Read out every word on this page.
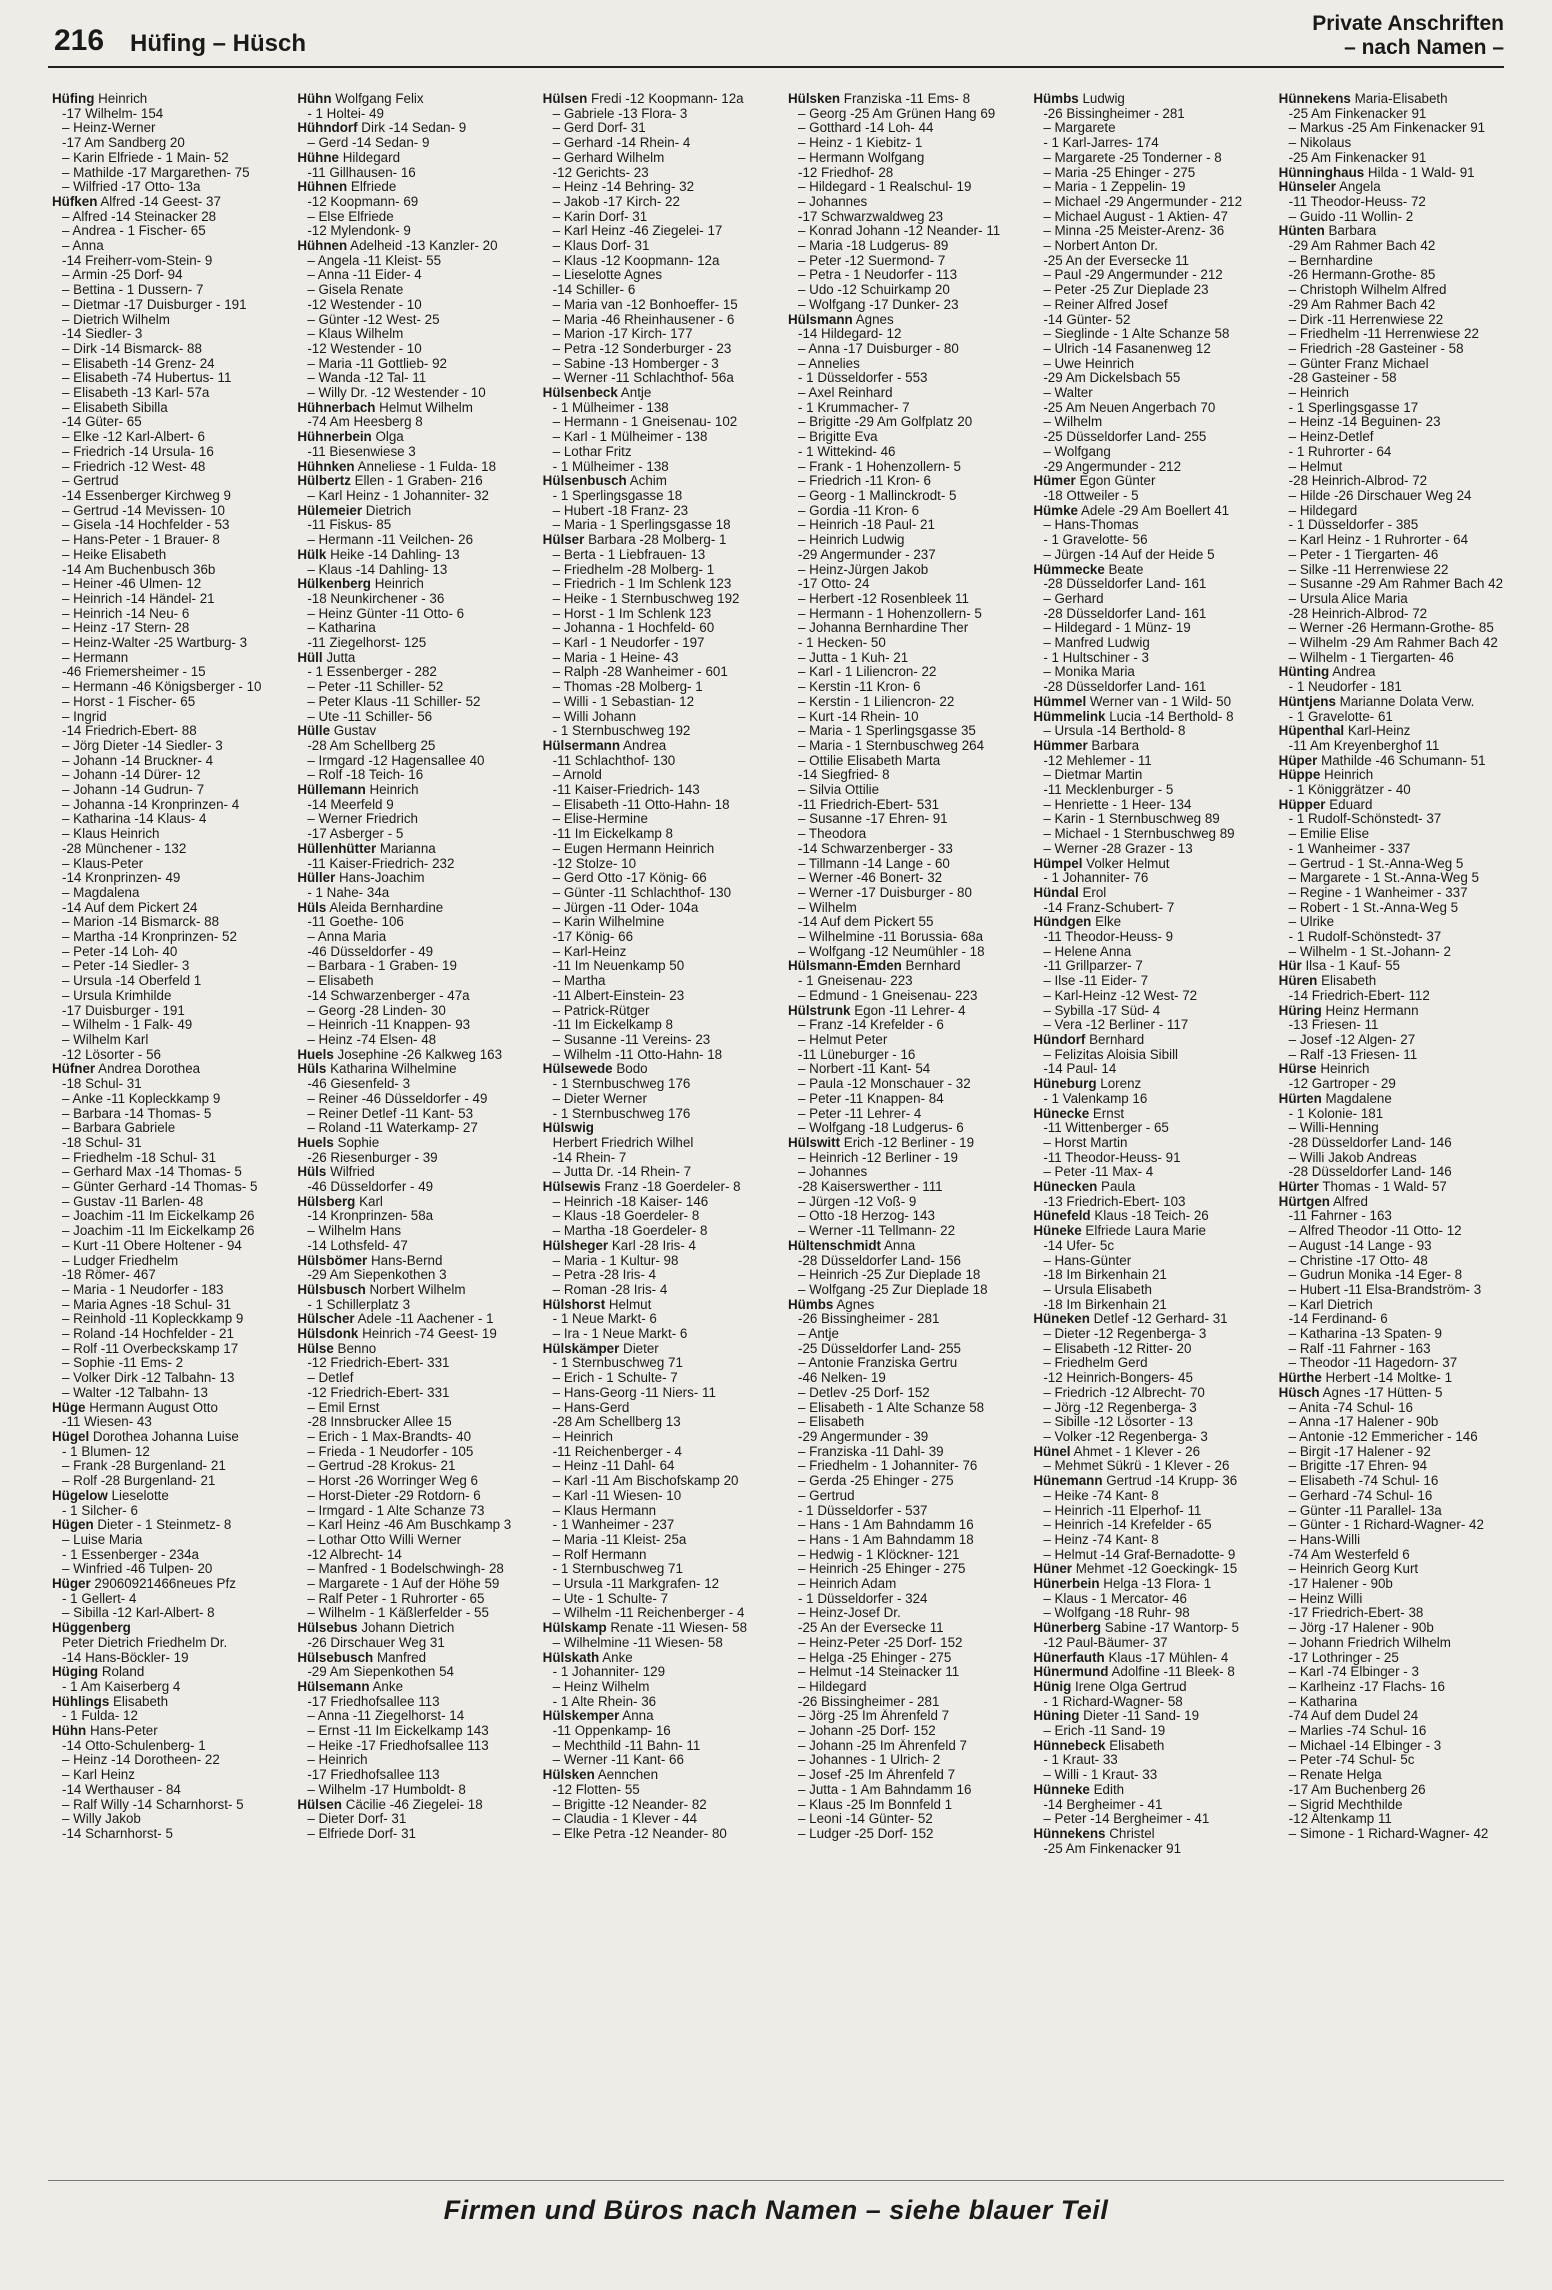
216 Hüfing – Hüsch
Private Anschriften
– nach Namen –
Hüfing Heinrich
-17 Wilhelm- 154
– Heinz-Werner
-17 Am Sandberg 20
– Karin Elfriede - 1 Main- 52
– Mathilde -17 Margarethen- 75
– Wilfried -17 Otto- 13a
Hüfken Alfred -14 Geest- 37
– Alfred -14 Steinacker 28
– Andrea - 1 Fischer- 65
– Anna
-14 Freiherr-vom-Stein- 9
– Armin -25 Dorf- 94
– Bettina - 1 Dussern- 7
– Dietmar -17 Duisburger - 191
– Dietrich Wilhelm
-14 Siedler- 3
– Dirk -14 Bismarck- 88
– Elisabeth -14 Grenz- 24
– Elisabeth -74 Hubertus- 11
– Elisabeth -13 Karl- 57a
– Elisabeth Sibilla
-14 Güter- 65
– Elke -12 Karl-Albert- 6
– Friedrich -14 Ursula- 16
– Friedrich -12 West- 48
– Gertrud
-14 Essenberger Kirchweg 9
– Gertrud -14 Mevissen- 10
– Gisela -14 Hochfelder - 53
– Hans-Peter - 1 Brauer- 8
– Heike Elisabeth
-14 Am Buchenbusch 36b
– Heiner -46 Ulmen- 12
– Heinrich -14 Händel- 21
– Heinrich -14 Neu- 6
– Heinz -17 Stern- 28
– Heinz-Walter -25 Wartburg- 3
– Hermann
-46 Friemersheimer - 15
– Hermann -46 Königsberger - 10
– Horst - 1 Fischer- 65
– Ingrid
-14 Friedrich-Ebert- 88
– Jörg Dieter -14 Siedler- 3
– Johann -14 Bruckner- 4
– Johann -14 Dürer- 12
– Johann -14 Gudrun- 7
– Johanna -14 Kronprinzen- 4
– Katharina -14 Klaus- 4
– Klaus Heinrich
-28 Münchener - 132
– Klaus-Peter
-14 Kronprinzen- 49
– Magdalena
-14 Auf dem Pickert 24
– Marion -14 Bismarck- 88
– Martha -14 Kronprinzen- 52
– Peter -14 Loh- 40
– Peter -14 Siedler- 3
– Ursula -14 Oberfeld 1
– Ursula Krimhilde
-17 Duisburger - 191
– Wilhelm - 1 Falk- 49
– Wilhelm Karl
-12 Lösorter - 56
Hüfner Andrea Dorothea
-18 Schul- 31
– Anke -11 Kopleckkamp 9
– Barbara -14 Thomas- 5
– Barbara Gabriele
-18 Schul- 31
– Friedhelm -18 Schul- 31
– Gerhard Max -14 Thomas- 5
– Günter Gerhard -14 Thomas- 5
– Gustav -11 Barlen- 48
– Joachim -11 Im Eickelkamp 26
– Joachim -11 Im Eickelkamp 26
– Kurt -11 Obere Holtener - 94
– Ludger Friedhelm
-18 Römer- 467
– Maria - 1 Neudorfer - 183
– Maria Agnes -18 Schul- 31
– Reinhold -11 Kopleckkamp 9
– Roland -14 Hochfelder - 21
– Rolf -11 Overbeckskamp 17
– Sophie -11 Ems- 2
– Volker Dirk -12 Talbahn- 13
– Walter -12 Talbahn- 13
Hüge Hermann August Otto
-11 Wiesen- 43
Hügel Dorothea Johanna Luise
- 1 Blumen- 12
– Frank -28 Burgenland- 21
– Rolf -28 Burgenland- 21
Hügelow Lieselotte
- 1 Silcher- 6
Hügen Dieter - 1 Steinmetz- 8
– Luise Maria
- 1 Essenberger - 234a
– Winfried -46 Tulpen- 20
Hüger 29060921466neues Pfz
- 1 Gellert- 4
– Sibilla -12 Karl-Albert- 8
Hüggenberg
Peter Dietrich Friedhelm Dr.
-14 Hans-Böckler- 19
Hüging Roland
- 1 Am Kaiserberg 4
Hühlings Elisabeth
- 1 Fulda- 12
Hühn Hans-Peter
-14 Otto-Schulenberg- 1
– Heinz -14 Dorotheen- 22
– Karl Heinz
-14 Werthauser - 84
– Ralf Willy -14 Scharnhorst- 5
– Willy Jakob
-14 Scharnhorst- 5
Hühn Wolfgang Felix
- 1 Holtei- 49
Hühndorf Dirk -14 Sedan- 9
– Gerd -14 Sedan- 9
Hühne Hildegard
-11 Gillhausen- 16
Hühnen Elfriede
-12 Koopmann- 69
– Else Elfriede
-12 Mylendonk- 9
Hühnen Adelheid -13 Kanzler- 20
– Angela -11 Kleist- 55
– Anna -11 Eider- 4
– Gisela Renate
-12 Westender - 10
– Günter -12 West- 25
– Klaus Wilhelm
-12 Westender - 10
– Maria -11 Gottlieb- 92
– Wanda -12 Tal- 11
– Willy Dr. -12 Westender - 10
Hühnerbach Helmut Wilhelm
-74 Am Heesberg 8
Hühnerbein Olga
-11 Biesenwiese 3
Hühnken Anneliese - 1 Fulda- 18
Hülbertz Ellen - 1 Graben- 216
– Karl Heinz - 1 Johanniter- 32
Hülemeier Dietrich
-11 Fiskus- 85
– Hermann -11 Veilchen- 26
Hülk Heike -14 Dahling- 13
– Klaus -14 Dahling- 13
Hülkenberg Heinrich
-18 Neunkirchener - 36
– Heinz Günter -11 Otto- 6
– Katharina
-11 Ziegelhorst- 125
Hüll Jutta
- 1 Essenberger - 282
– Peter -11 Schiller- 52
– Peter Klaus -11 Schiller- 52
– Ute -11 Schiller- 56
Hülle Gustav
-28 Am Schellberg 25
– Irmgard -12 Hagensallee 40
– Rolf -18 Teich- 16
Hüllemann Heinrich
-14 Meerfeld 9
– Werner Friedrich
-17 Asberger - 5
Hüllenhütter Marianna
-11 Kaiser-Friedrich- 232
Hüller Hans-Joachim
- 1 Nahe- 34a
Hüls Aleida Bernhardine
-11 Goethe- 106
– Anna Maria
-46 Düsseldorfer - 49
– Barbara - 1 Graben- 19
– Elisabeth
-14 Schwarzenberger - 47a
– Georg -28 Linden- 30
– Heinrich -11 Knappen- 93
– Heinz -74 Elsen- 48
Huels Josephine -26 Kalkweg 163
Hüls Katharina Wilhelmine
-46 Giesenfeld- 3
– Reiner -46 Düsseldorfer - 49
– Reiner Detlef -11 Kant- 53
– Roland -11 Waterkamp- 27
Huels Sophie
-26 Riesenburger - 39
Hüls Wilfried
-46 Düsseldorfer - 49
Hülsberg Karl
-14 Kronprinzen- 58a
– Wilhelm Hans
-14 Lothsfeld- 47
Hülsbömer Hans-Bernd
-29 Am Siepenkothen 3
Hülsbusch Norbert Wilhelm
- 1 Schillerplatz 3
Hülscher Adele -11 Aachener - 1
Hülsdonk Heinrich -74 Geest- 19
Hülse Benno
-12 Friedrich-Ebert- 331
– Detlef
-12 Friedrich-Ebert- 331
– Emil Ernst
-28 Innsbrucker Allee 15
– Erich - 1 Max-Brandts- 40
– Frieda - 1 Neudorfer - 105
– Gertrud -28 Krokus- 21
– Horst -26 Worringer Weg 6
– Horst-Dieter -29 Rotdorn- 6
– Irmgard - 1 Alte Schanze 73
– Karl Heinz -46 Am Buschkamp 3
– Lothar Otto Willi Werner
-12 Albrecht- 14
– Manfred - 1 Bodelschwingh- 28
– Margarete - 1 Auf der Höhe 59
– Ralf Peter - 1 Ruhrorter - 65
– Wilhelm - 1 Käßlerfelder - 55
Hülsebus Johann Dietrich
-26 Dirschauer Weg 31
Hülsebusch Manfred
-29 Am Siepenkothen 54
Hülsemann Anke
-17 Friedhofsallee 113
– Anna -11 Ziegelhorst- 14
– Ernst -11 Im Eickelkamp 143
– Heike -17 Friedhofsallee 113
– Heinrich
-17 Friedhofsallee 113
– Wilhelm -17 Humboldt- 8
Hülsen Cäcilie -46 Ziegelei- 18
– Dieter Dorf- 31
– Elfriede Dorf- 31
Hülsen Fredi -12 Koopmann- 12a
– Gabriele -13 Flora- 3
– Gerd Dorf- 31
– Gerhard -14 Rhein- 4
– Gerhard Wilhelm
-12 Gerichts- 23
– Heinz -14 Behring- 32
– Jakob -17 Kirch- 22
– Karin Dorf- 31
– Karl Heinz -46 Ziegelei- 17
– Klaus Dorf- 31
– Klaus -12 Koopmann- 12a
– Lieselotte Agnes
-14 Schiller- 6
– Maria van -12 Bonhoeffer- 15
– Maria -46 Rheinhausener - 6
– Marion -17 Kirch- 177
– Petra -12 Sonderburger - 23
– Sabine -13 Homberger - 3
– Werner -11 Schlachthof- 56a
Hülsenbeck Antje
- 1 Mülheimer - 138
– Hermann - 1 Gneisenau- 102
– Karl - 1 Mülheimer - 138
– Lothar Fritz
- 1 Mülheimer - 138
Hülsenbusch Achim
- 1 Sperlingsgasse 18
– Hubert -18 Franz- 23
– Maria - 1 Sperlingsgasse 18
Hülser Barbara -28 Molberg- 1
– Berta - 1 Liebfrauen- 13
– Friedhelm -28 Molberg- 1
– Friedrich - 1 Im Schlenk 123
– Heike - 1 Sternbuschweg 192
– Horst - 1 Im Schlenk 123
– Johanna - 1 Hochfeld- 60
– Karl - 1 Neudorfer - 197
– Maria - 1 Heine- 43
– Ralph -28 Wanheimer - 601
– Thomas -28 Molberg- 1
– Willi - 1 Sebastian- 12
– Willi Johann
- 1 Sternbuschweg 192
Hülsermann Andrea
-11 Schlachthof- 130
– Arnold
-11 Kaiser-Friedrich- 143
– Elisabeth -11 Otto-Hahn- 18
– Elise-Hermine
-11 Im Eickelkamp 8
– Eugen Hermann Heinrich
-12 Stolze- 10
– Gerd Otto -17 König- 66
– Günter -11 Schlachthof- 130
– Jürgen -11 Oder- 104a
– Karin Wilhelmine
-17 König- 66
– Karl-Heinz
-11 Im Neuenkamp 50
– Martha
-11 Albert-Einstein- 23
– Patrick-Rütger
-11 Im Eickelkamp 8
– Susanne -11 Vereins- 23
– Wilhelm -11 Otto-Hahn- 18
Hülsewede Bodo
- 1 Sternbuschweg 176
– Dieter Werner
- 1 Sternbuschweg 176
Hülswig
Herbert Friedrich Wilhel
-14 Rhein- 7
– Jutta Dr. -14 Rhein- 7
Hülsewis Franz -18 Goerdeler- 8
– Heinrich -18 Kaiser- 146
– Klaus -18 Goerdeler- 8
– Martha -18 Goerdeler- 8
Hülsheger Karl -28 Iris- 4
– Maria - 1 Kultur- 98
– Petra -28 Iris- 4
– Roman -28 Iris- 4
Hülshorst Helmut
- 1 Neue Markt- 6
– Ira - 1 Neue Markt- 6
Hülskämper Dieter
- 1 Sternbuschweg 71
– Erich - 1 Schulte- 7
– Hans-Georg -11 Niers- 11
– Hans-Gerd
-28 Am Schellberg 13
– Heinrich
-11 Reichenberger - 4
– Heinz -11 Dahl- 64
– Karl -11 Am Bischofskamp 20
– Karl -11 Wiesen- 10
– Klaus Hermann
- 1 Wanheimer - 237
– Maria -11 Kleist- 25a
– Rolf Hermann
- 1 Sternbuschweg 71
– Ursula -11 Markgrafen- 12
– Ute - 1 Schulte- 7
– Wilhelm -11 Reichenberger - 4
Hülskamp Renate -11 Wiesen- 58
– Wilhelmine -11 Wiesen- 58
Hülskath Anke
- 1 Johanniter- 129
– Heinz Wilhelm
- 1 Alte Rhein- 36
Hülskemper Anna
-11 Oppenkamp- 16
– Mechthild -11 Bahn- 11
– Werner -11 Kant- 66
Hülsken Aennchen
-12 Flotten- 55
– Brigitte -12 Neander- 82
– Claudia - 1 Klever - 44
– Elke Petra -12 Neander- 80
Hülsken Franziska -11 Ems- 8
– Georg -25 Am Grünen Hang 69
– Gotthard -14 Loh- 44
– Heinz - 1 Kiebitz- 1
– Hermann Wolfgang
-12 Friedhof- 28
– Hildegard - 1 Realschul- 19
– Johannes
-17 Schwarzwaldweg 23
– Konrad Johann -12 Neander- 11
– Maria -18 Ludgerus- 89
– Peter -12 Suermond- 7
– Petra - 1 Neudorfer - 113
– Udo -12 Schuirkamp 20
– Wolfgang -17 Dunker- 23
Hülsmann Agnes
-14 Hildegard- 12
– Anna -17 Duisburger - 80
– Annelies
- 1 Düsseldorfer - 553
– Axel Reinhard
- 1 Krummacher- 7
– Brigitte -29 Am Golfplatz 20
– Brigitte Eva
- 1 Wittekind- 46
– Frank - 1 Hohenzollern- 5
– Friedrich -11 Kron- 6
– Georg - 1 Mallinckrodt- 5
– Gordia -11 Kron- 6
– Heinrich -18 Paul- 21
– Heinrich Ludwig
-29 Angermunder - 237
– Heinz-Jürgen Jakob
-17 Otto- 24
– Herbert -12 Rosenbleek 11
– Hermann - 1 Hohenzollern- 5
– Johanna Bernhardine Ther
- 1 Hecken- 50
– Jutta - 1 Kuh- 21
– Karl - 1 Liliencron- 22
– Kerstin -11 Kron- 6
– Kerstin - 1 Liliencron- 22
– Kurt -14 Rhein- 10
– Maria - 1 Sperlingsgasse 35
– Maria - 1 Sternbuschweg 264
– Ottilie Elisabeth Marta
-14 Siegfried- 8
– Silvia Ottilie
-11 Friedrich-Ebert- 531
– Susanne -17 Ehren- 91
– Theodora
-14 Schwarzenberger - 33
– Tillmann -14 Lange - 60
– Werner -46 Bonert- 32
– Werner -17 Duisburger - 80
– Wilhelm
-14 Auf dem Pickert 55
– Wilhelmine -11 Borussia- 68a
– Wolfgang -12 Neumühler - 18
Hülsmann-Emden Bernhard
- 1 Gneisenau- 223
– Edmund - 1 Gneisenau- 223
Hülstrunk Egon -11 Lehrer- 4
– Franz -14 Krefelder - 6
– Helmut Peter
-11 Lüneburger - 16
– Norbert -11 Kant- 54
– Paula -12 Monschauer - 32
– Peter -11 Knappen- 84
– Peter -11 Lehrer- 4
– Wolfgang -18 Ludgerus- 6
Hülswitt Erich -12 Berliner - 19
– Heinrich -12 Berliner - 19
– Johannes
-28 Kaiserswerther - 111
– Jürgen -12 Voß- 9
– Otto -18 Herzog- 143
– Werner -11 Tellmann- 22
Hültenschmidt Anna
-28 Düsseldorfer Land- 156
– Heinrich -25 Zur Dieplade 18
– Wolfgang -25 Zur Dieplade 18
Hümbs Agnes
-26 Bissingheimer - 281
– Antje
-25 Düsseldorfer Land- 255
– Antonie Franziska Gertru
-46 Nelken- 19
– Detlev -25 Dorf- 152
– Elisabeth - 1 Alte Schanze 58
– Elisabeth
-29 Angermunder - 39
– Franziska -11 Dahl- 39
– Friedhelm - 1 Johanniter- 76
– Gerda -25 Ehinger - 275
– Gertrud
- 1 Düsseldorfer - 537
– Hans - 1 Am Bahndamm 16
– Hans - 1 Am Bahndamm 18
– Hedwig - 1 Klöckner- 121
– Heinrich -25 Ehinger - 275
– Heinrich Adam
- 1 Düsseldorfer - 324
– Heinz-Josef Dr.
-25 An der Eversecke 11
– Heinz-Peter -25 Dorf- 152
– Helga -25 Ehinger - 275
– Helmut -14 Steinacker 11
– Hildegard
-26 Bissingheimer - 281
– Jörg -25 Im Ährenfeld 7
– Johann -25 Dorf- 152
– Johann -25 Im Ährenfeld 7
– Johannes - 1 Ulrich- 2
– Josef -25 Im Ährenfeld 7
– Jutta - 1 Am Bahndamm 16
– Klaus -25 Im Bonnfeld 1
– Leoni -14 Günter- 52
– Ludger -25 Dorf- 152
Hümbs Ludwig
-26 Bissingheimer - 281
– Margarete
- 1 Karl-Jarres- 174
– Margarete -25 Tonderner - 8
– Maria -25 Ehinger - 275
– Maria - 1 Zeppelin- 19
– Michael -29 Angermunder - 212
– Michael August - 1 Aktien- 47
– Minna -25 Meister-Arenz- 36
– Norbert Anton Dr.
-25 An der Eversecke 11
– Paul -29 Angermunder - 212
– Peter -25 Zur Dieplade 23
– Reiner Alfred Josef
-14 Günter- 52
– Sieglinde - 1 Alte Schanze 58
– Ulrich -14 Fasanenweg 12
– Uwe Heinrich
-29 Am Dickelsbach 55
– Walter
-25 Am Neuen Angerbach 70
– Wilhelm
-25 Düsseldorfer Land- 255
– Wolfgang
-29 Angermunder - 212
Hümer Egon Günter
-18 Ottweiler - 5
Hümke Adele -29 Am Boellert 41
– Hans-Thomas
- 1 Gravelotte- 56
– Jürgen -14 Auf der Heide 5
Hümmecke Beate
-28 Düsseldorfer Land- 161
– Gerhard
-28 Düsseldorfer Land- 161
– Hildegard - 1 Münz- 19
– Manfred Ludwig
- 1 Hultschiner - 3
– Monika Maria
-28 Düsseldorfer Land- 161
Hümmel Werner van - 1 Wild- 50
Hümmelink Lucia -14 Berthold- 8
– Ursula -14 Berthold- 8
Hümmer Barbara
-12 Mehlemer - 11
– Dietmar Martin
-11 Mecklenburger - 5
– Henriette - 1 Heer- 134
– Karin - 1 Sternbuschweg 89
– Michael - 1 Sternbuschweg 89
– Werner -28 Grazer - 13
Hümpel Volker Helmut
- 1 Johanniter- 76
Hündal Erol
-14 Franz-Schubert- 7
Hündgen Elke
-11 Theodor-Heuss- 9
– Helene Anna
-11 Grillparzer- 7
– Ilse -11 Eider- 7
– Karl-Heinz -12 West- 72
– Sybilla -17 Süd- 4
– Vera -12 Berliner - 117
Hündorf Bernhard
– Felizitas Aloisia Sibill
-14 Paul- 14
Hüneburg Lorenz
- 1 Valenkamp 16
Hünecke Ernst
-11 Wittenberger - 65
– Horst Martin
-11 Theodor-Heuss- 91
– Peter -11 Max- 4
Hünecken Paula
-13 Friedrich-Ebert- 103
Hünefeld Klaus -18 Teich- 26
Hüneke Elfriede Laura Marie
-14 Ufer- 5c
– Hans-Günter
-18 Im Birkenhain 21
– Ursula Elisabeth
-18 Im Birkenhain 21
Hüneken Detlef -12 Gerhard- 31
– Dieter -12 Regenberga- 3
– Elisabeth -12 Ritter- 20
– Friedhelm Gerd
-12 Heinrich-Bongers- 45
– Friedrich -12 Albrecht- 70
– Jörg -12 Regenberga- 3
– Sibille -12 Lösorter - 13
– Volker -12 Regenberga- 3
Hünel Ahmet - 1 Klever - 26
– Mehmet Sükrü - 1 Klever - 26
Hünemann Gertrud -14 Krupp- 36
– Heike -74 Kant- 8
– Heinrich -11 Elperhof- 11
– Heinrich -14 Krefelder - 65
– Heinz -74 Kant- 8
– Helmut -14 Graf-Bernadotte- 9
Hüner Mehmet -12 Goeckingk- 15
Hünerbein Helga -13 Flora- 1
– Klaus - 1 Mercator- 46
– Wolfgang -18 Ruhr- 98
Hünerberg Sabine -17 Wantorp- 5
-12 Paul-Bäumer- 37
Hünerfauth Klaus -17 Mühlen- 4
Hünermund Adolfine -11 Bleek- 8
Hünig Irene Olga Gertrud
- 1 Richard-Wagner- 58
Hüning Dieter -11 Sand- 19
– Erich -11 Sand- 19
Hünnebeck Elisabeth
- 1 Kraut- 33
– Willi - 1 Kraut- 33
Hünneke Edith
-14 Bergheimer - 41
– Peter -14 Bergheimer - 41
Hünnekens Christel
-25 Am Finkenacker 91
Hünnekens Maria-Elisabeth
-25 Am Finkenacker 91
– Markus -25 Am Finkenacker 91
– Nikolaus
-25 Am Finkenacker 91
Hünninghaus Hilda - 1 Wald- 91
Hünseler Angela
-11 Theodor-Heuss- 72
– Guido -11 Wollin- 2
Hünten Barbara
-29 Am Rahmer Bach 42
– Bernhardine
-26 Hermann-Grothe- 85
– Christoph Wilhelm Alfred
-29 Am Rahmer Bach 42
– Dirk -11 Herrenwiese 22
– Friedhelm -11 Herrenwiese 22
– Friedrich -28 Gasteiner - 58
– Günter Franz Michael
-28 Gasteiner - 58
– Heinrich
- 1 Sperlingsgasse 17
– Heinz -14 Beguinen- 23
– Heinz-Detlef
- 1 Ruhrorter - 64
– Helmut
-28 Heinrich-Albrod- 72
– Hilde -26 Dirschauer Weg 24
– Hildegard
- 1 Düsseldorfer - 385
– Karl Heinz - 1 Ruhrorter - 64
– Peter - 1 Tiergarten- 46
– Silke -11 Herrenwiese 22
– Susanne -29 Am Rahmer Bach 42
– Ursula Alice Maria
-28 Heinrich-Albrod- 72
– Werner -26 Hermann-Grothe- 85
– Wilhelm -29 Am Rahmer Bach 42
– Wilhelm - 1 Tiergarten- 46
Hünting Andrea
- 1 Neudorfer - 181
Hüntjens Marianne Dolata Verw.
- 1 Gravelotte- 61
Hüpenthal Karl-Heinz
-11 Am Kreyenberghof 11
Hüper Mathilde -46 Schumann- 51
Hüppe Heinrich
- 1 Königgrätzer - 40
Hüpper Eduard
- 1 Rudolf-Schönstedt- 37
– Emilie Elise
- 1 Wanheimer - 337
– Gertrud - 1 St.-Anna-Weg 5
– Margarete - 1 St.-Anna-Weg 5
– Regine - 1 Wanheimer - 337
– Robert - 1 St.-Anna-Weg 5
– Ulrike
- 1 Rudolf-Schönstedt- 37
– Wilhelm - 1 St.-Johann- 2
Hür Ilsa - 1 Kauf- 55
Hüren Elisabeth
-14 Friedrich-Ebert- 112
Hüring Heinz Hermann
-13 Friesen- 11
– Josef -12 Algen- 27
– Ralf -13 Friesen- 11
Hürse Heinrich
-12 Gartroper - 29
Hürten Magdalene
- 1 Kolonie- 181
– Willi-Henning
-28 Düsseldorfer Land- 146
– Willi Jakob Andreas
-28 Düsseldorfer Land- 146
Hürter Thomas - 1 Wald- 57
Hürtgen Alfred
-11 Fahrner - 163
– Alfred Theodor -11 Otto- 12
– August -14 Lange - 93
– Christine -17 Otto- 48
– Gudrun Monika -14 Eger- 8
– Hubert -11 Elsa-Brandström- 3
– Karl Dietrich
-14 Ferdinand- 6
– Katharina -13 Spaten- 9
– Ralf -11 Fahrner - 163
– Theodor -11 Hagedorn- 37
Hürthe Herbert -14 Moltke- 1
Hüsch Agnes -17 Hütten- 5
– Anita -74 Schul- 16
– Anna -17 Halener - 90b
– Antonie -12 Emmericher - 146
– Birgit -17 Halener - 92
– Brigitte -17 Ehren- 94
– Elisabeth -74 Schul- 16
– Gerhard -74 Schul- 16
– Günter -11 Parallel- 13a
– Günter - 1 Richard-Wagner- 42
– Hans-Willi
-74 Am Westerfeld 6
– Heinrich Georg Kurt
-17 Halener - 90b
– Heinz Willi
-17 Friedrich-Ebert- 38
– Jörg -17 Halener - 90b
– Johann Friedrich Wilhelm
-17 Lothringer - 25
– Karl -74 Elbinger - 3
– Karlheinz -17 Flachs- 16
– Katharina
-74 Auf dem Dudel 24
– Marlies -74 Schul- 16
– Michael -14 Elbinger - 3
– Peter -74 Schul- 5c
– Renate Helga
-17 Am Buchenberg 26
– Sigrid Mechthilde
-12 Altenkamp 11
– Simone - 1 Richard-Wagner- 42
Firmen und Büros nach Namen – siehe blauer Teil
